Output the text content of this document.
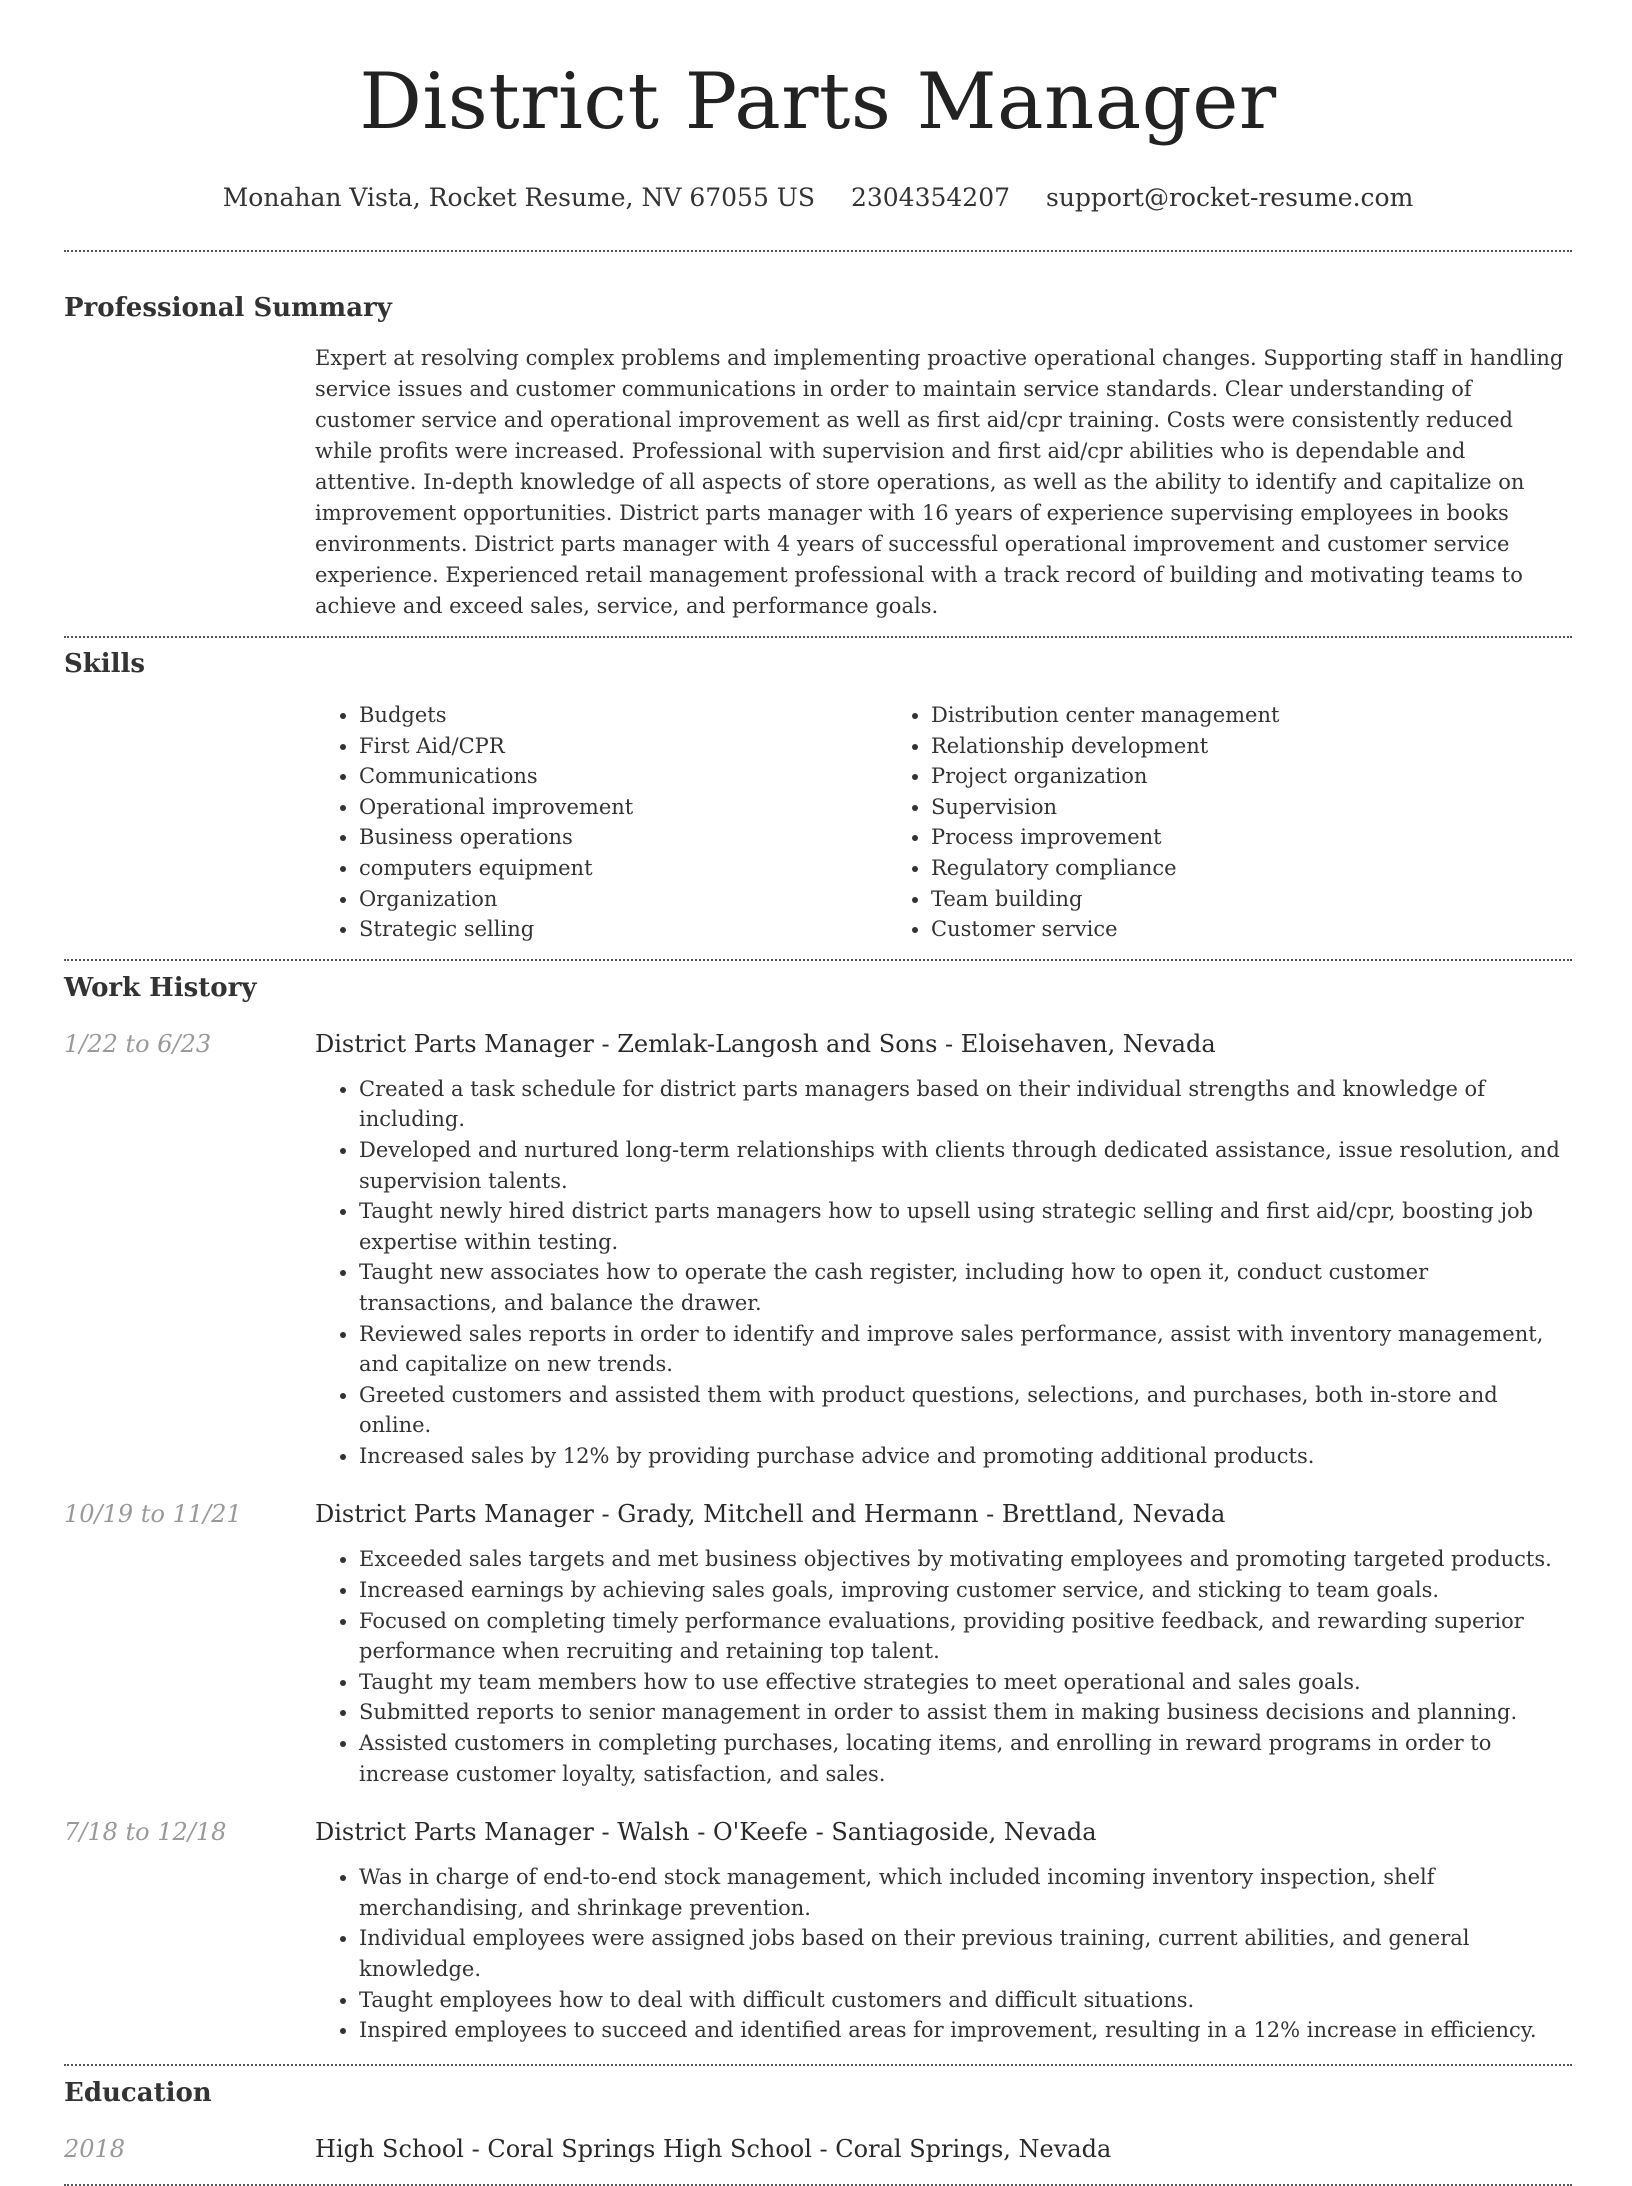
District Parts Manager
Monahan Vista, Rocket Resume, NV 67055 US 2304354207 support@rocket-resume.com
Professional Summary

Expert at resolving complex problems and implementing proactive operational changes. Supporting staff in handling service issues and customer communications in order to maintain service standards. Clear understanding of customer service and operational improvement as well as first aid/cpr training. Costs were consistently reduced while profits were increased. Professional with supervision and first aid/cpr abilities who is dependable and attentive. In-depth knowledge of all aspects of store operations, as well as the ability to identify and capitalize on improvement opportunities. District parts manager with 16 years of experience supervising employees in books environments. District parts manager with 4 years of successful operational improvement and customer service experience. Experienced retail management professional with a track record of building and motivating teams to achieve and exceed sales, service, and performance goals.

Skills
• Budgets
• First Aid/CPR
• Communications
• Operational improvement
• Business operations
• computers equipment
• Organization
• Strategic selling
• Distribution center management
• Relationship development
• Project organization
• Supervision
• Process improvement
• Regulatory compliance
• Team building
• Customer service
Work History
1/22 to 6/23	District Parts Manager - Zemlak-Langosh and Sons - Eloisehaven, Nevada
• Created a task schedule for district parts managers based on their individual strengths and knowledge of including.
• Developed and nurtured long-term relationships with clients through dedicated assistance, issue resolution, and supervision talents.
• Taught newly hired district parts managers how to upsell using strategic selling and first aid/cpr, boosting job expertise within testing.
• Taught new associates how to operate the cash register, including how to open it, conduct customer transactions, and balance the drawer.
• Reviewed sales reports in order to identify and improve sales performance, assist with inventory management, and capitalize on new trends.
• Greeted customers and assisted them with product questions, selections, and purchases, both in-store and online.
• Increased sales by 12% by providing purchase advice and promoting additional products.
10/19 to 11/21	District Parts Manager - Grady, Mitchell and Hermann - Brettland, Nevada
• Exceeded sales targets and met business objectives by motivating employees and promoting targeted products.
• Increased earnings by achieving sales goals, improving customer service, and sticking to team goals.
• Focused on completing timely performance evaluations, providing positive feedback, and rewarding superior performance when recruiting and retaining top talent.
• Taught my team members how to use effective strategies to meet operational and sales goals.
• Submitted reports to senior management in order to assist them in making business decisions and planning.
• Assisted customers in completing purchases, locating items, and enrolling in reward programs in order to increase customer loyalty, satisfaction, and sales.
7/18 to 12/18	District Parts Manager - Walsh - O'Keefe - Santiagoside, Nevada
• Was in charge of end-to-end stock management, which included incoming inventory inspection, shelf merchandising, and shrinkage prevention.
• Individual employees were assigned jobs based on their previous training, current abilities, and general knowledge.
• Taught employees how to deal with difficult customers and difficult situations.
• Inspired employees to succeed and identified areas for improvement, resulting in a 12% increase in efficiency.
Education
2018	High School - Coral Springs High School - Coral Springs, Nevada
